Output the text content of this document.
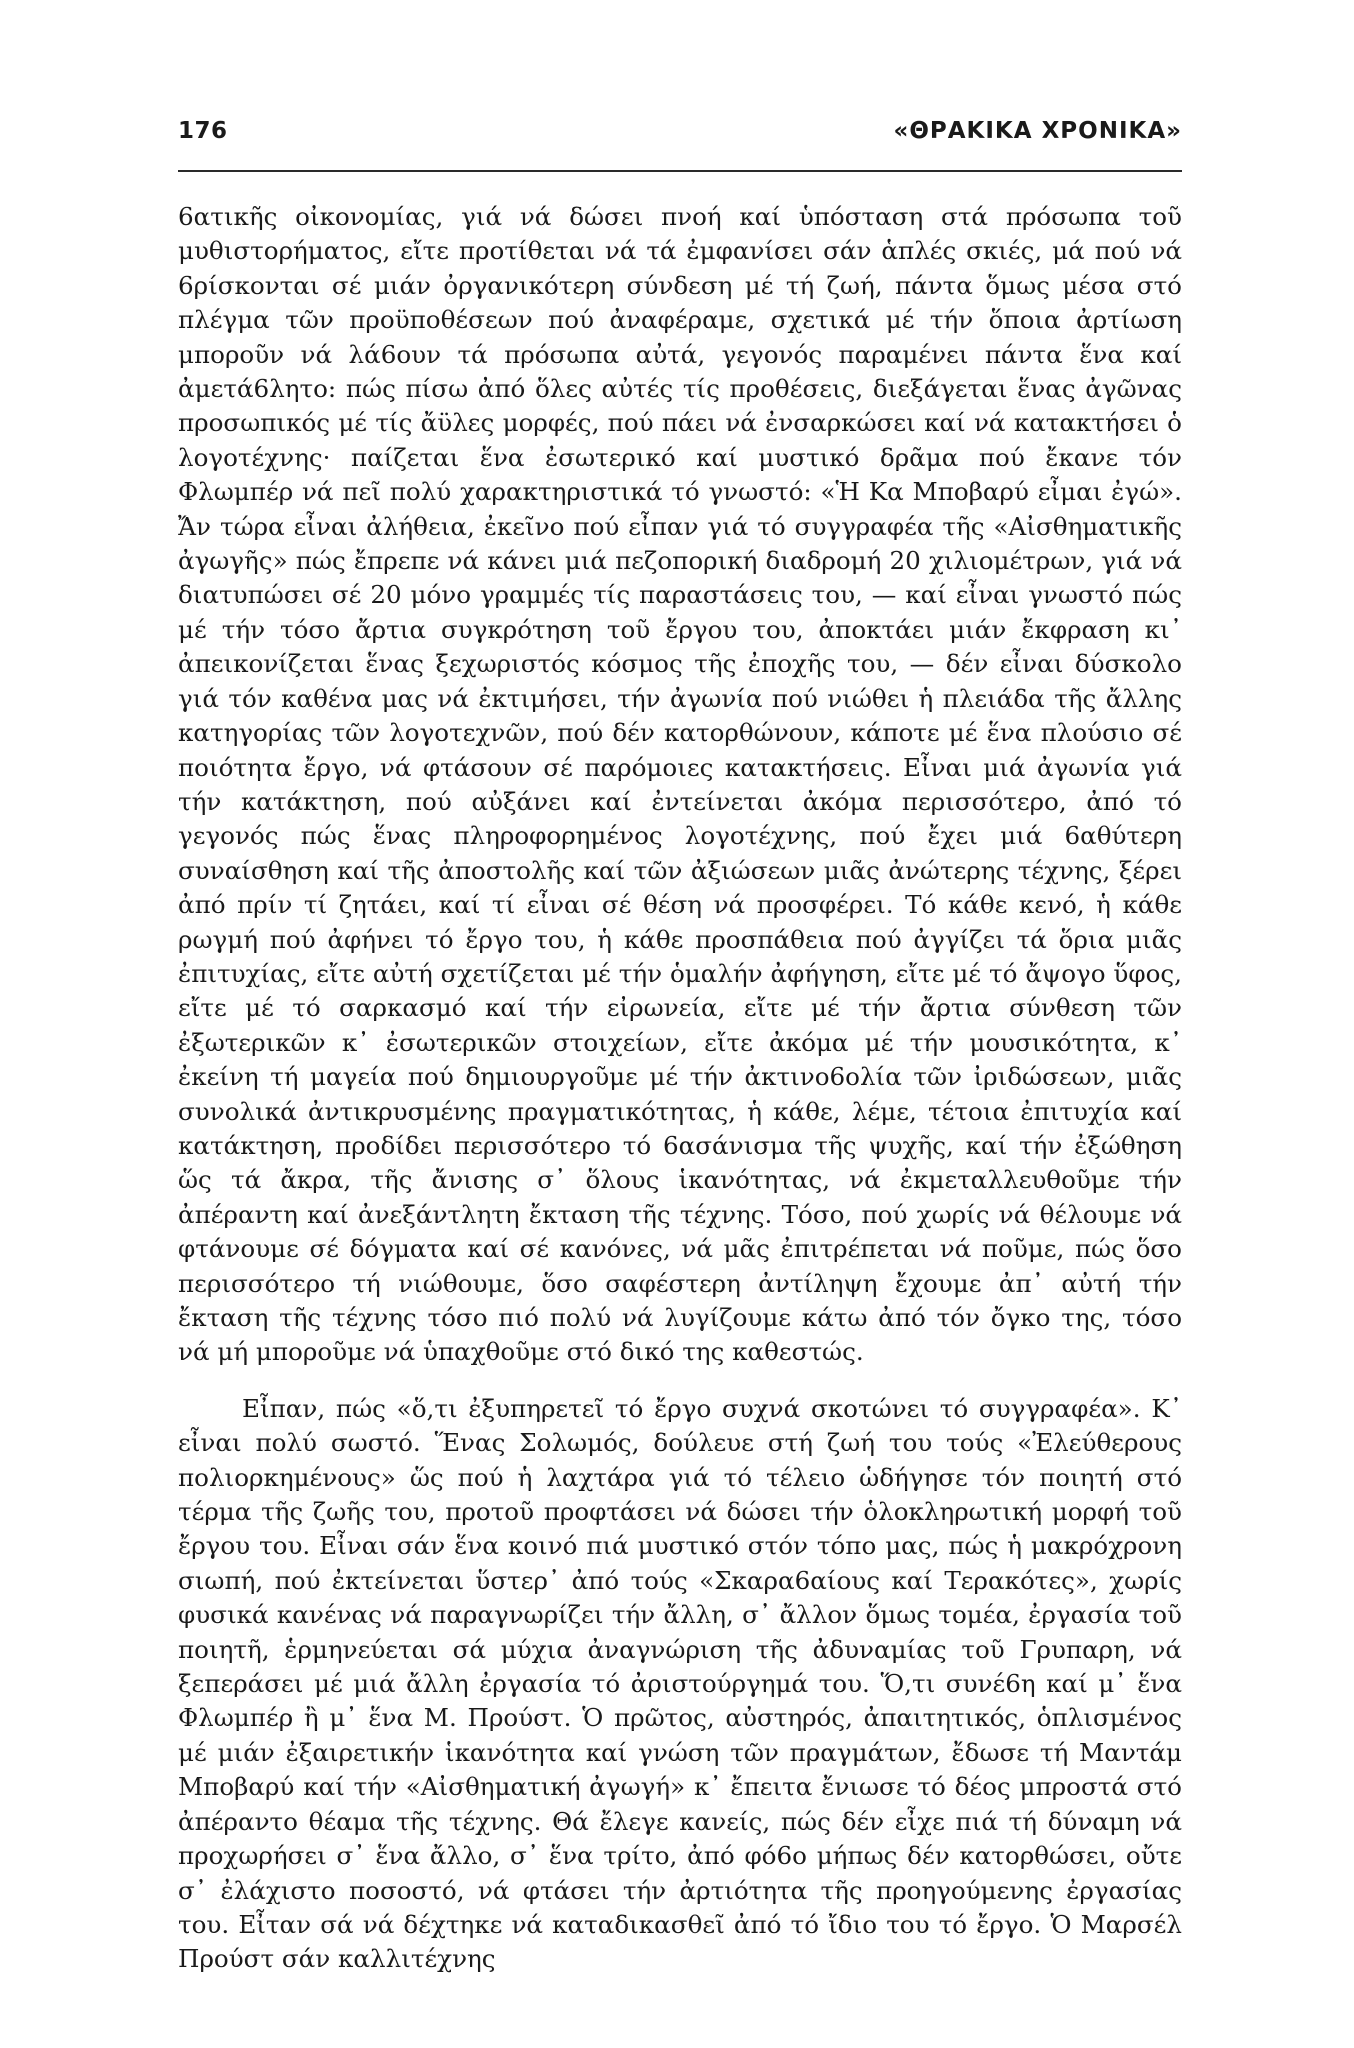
176	«ΘΡΑΚΙΚΑ ΧΡΟΝΙΚΑ»

6ατικῆς οἰκονομίας, γιά νά δώσει πνοή καί ὑπόσταση στά πρόσωπα τοῦ μυθιστορήματος, εἴτε προτίθεται νά τά ἐμφανίσει σάν ἁπλές σκιές, μά πού νά 6ρίσκονται σέ μιάν ὀργανικότερη σύνδεση μέ τή ζωή, πάντα ὅμως μέσα στό πλέγμα τῶν προϋποθέσεων πού ἀναφέραμε, σχετικά μέ τήν ὅποια ἀρτίωση μποροῦν νά λά6ουν τά πρόσωπα αὐτά, γεγονός παραμένει πάντα ἕνα καί ἀμετά6λητο: πώς πίσω ἀπό ὅλες αὐτές τίς προθέσεις, διεξάγεται ἕνας ἀγῶνας προσωπικός μέ τίς ἄϋλες μορφές, πού πάει νά ἐνσαρκώσει καί νά κατακτήσει ὁ λογοτέχνης· παίζεται ἕνα ἐσωτερικό καί μυστικό δρᾶμα πού ἔκανε τόν Φλωμπέρ νά πεῖ πολύ χαρακτηριστικά τό γνωστό: «Ἡ Κα Μποβαρύ εἶμαι ἐγώ». Ἄν τώρα εἶναι ἀλήθεια, ἐκεῖνο πού εἶπαν γιά τό συγγραφέα τῆς «Αἰσθηματικῆς ἀγωγῆς» πώς ἔπρεπε νά κάνει μιά πεζοπορική διαδρομή 20 χιλιομέτρων, γιά νά διατυπώσει σέ 20 μόνο γραμμές τίς παραστάσεις του, — καί εἶναι γνωστό πώς μέ τήν τόσο ἄρτια συγκρότηση τοῦ ἔργου του, ἀποκτάει μιάν ἔκφραση κι᾽ ἀπεικονίζεται ἕνας ξεχωριστός κόσμος τῆς ἐποχῆς του, — δέν εἶναι δύσκολο γιά τόν καθένα μας νά ἐκτιμήσει, τήν ἀγωνία πού νιώθει ἡ πλειάδα τῆς ἄλλης κατηγορίας τῶν λογοτεχνῶν, πού δέν κατορθώνουν, κάποτε μέ ἕνα πλούσιο σέ ποιότητα ἔργο, νά φτάσουν σέ παρόμοιες κατακτήσεις. Εἶναι μιά ἀγωνία γιά τήν κατάκτηση, πού αὐξάνει καί ἐντείνεται ἀκόμα περισσότερο, ἀπό τό γεγονός πώς ἕνας πληροφορημένος λογοτέχνης, πού ἔχει μιά 6αθύτερη συναίσθηση καί τῆς ἀποστολῆς καί τῶν ἀξιώσεων μιᾶς ἀνώτερης τέχνης, ξέρει ἀπό πρίν τί ζητάει, καί τί εἶναι σέ θέση νά προσφέρει. Τό κάθε κενό, ἡ κάθε ρωγμή πού ἀφήνει τό ἔργο του, ἡ κάθε προσπάθεια πού ἀγγίζει τά ὅρια μιᾶς ἐπιτυχίας, εἴτε αὐτή σχετίζεται μέ τήν ὁμαλήν ἀφήγηση, εἴτε μέ τό ἄψογο ὕφος, εἴτε μέ τό σαρκασμό καί τήν εἰρωνεία, εἴτε μέ τήν ἄρτια σύνθεση τῶν ἐξωτερικῶν κ᾽ ἐσωτερικῶν στοιχείων, εἴτε ἀκόμα μέ τήν μουσικότητα, κ᾽ ἐκείνη τή μαγεία πού δημιουργοῦμε μέ τήν ἀκτινο6ολία τῶν ἰριδώσεων, μιᾶς συνολικά ἀντικρυσμένης πραγματικότητας, ἡ κάθε, λέμε, τέτοια ἐπιτυχία καί κατάκτηση, προδίδει περισσότερο τό 6ασάνισμα τῆς ψυχῆς, καί τήν ἐξώθηση ὥς τά ἄκρα, τῆς ἄνισης σ᾽ ὅλους ἱκανότητας, νά ἐκμεταλλευθοῦμε τήν ἀπέραντη καί ἀνεξάντλητη ἔκταση τῆς τέχνης. Τόσο, πού χωρίς νά θέλουμε νά φτάνουμε σέ δόγματα καί σέ κανόνες, νά μᾶς ἐπιτρέπεται νά ποῦμε, πώς ὅσο περισσότερο τή νιώθουμε, ὅσο σαφέστερη ἀντίληψη ἔχουμε ἀπ᾽ αὐτή τήν ἔκταση τῆς τέχνης τόσο πιό πολύ νά λυγίζουμε κάτω ἀπό τόν ὄγκο της, τόσο νά μή μποροῦμε νά ὑπαχθοῦμε στό δικό της καθεστώς.

Εἶπαν, πώς «ὅ,τι ἐξυπηρετεῖ τό ἔργο συχνά σκοτώνει τό συγγραφέα». Κ᾽ εἶναι πολύ σωστό. Ἕνας Σολωμός, δούλευε στή ζωή του τούς «Ἐλεύθερους πολιορκημένους» ὥς πού ἡ λαχτάρα γιά τό τέλειο ὡδήγησε τόν ποιητή στό τέρμα τῆς ζωῆς του, προτοῦ προφτάσει νά δώσει τήν ὁλοκληρωτική μορφή τοῦ ἔργου του. Εἶναι σάν ἕνα κοινό πιά μυστικό στόν τόπο μας, πώς ἡ μακρόχρονη σιωπή, πού ἐκτείνεται ὕστερ᾽ ἀπό τούς «Σκαρα6αίους καί Τερακότες», χωρίς φυσικά κανένας νά παραγνωρίζει τήν ἄλλη, σ᾽ ἄλλον ὅμως τομέα, ἐργασία τοῦ ποιητῆ, ἑρμηνεύεται σά μύχια ἀναγνώριση τῆς ἀδυναμίας τοῦ Γρυπαρη, νά ξεπεράσει μέ μιά ἄλλη ἐργασία τό ἀριστούργημά του. Ὅ,τι συνέ6η καί μ᾽ ἕνα Φλωμπέρ ἢ μ᾽ ἕνα Μ. Προύστ. Ὁ πρῶτος, αὐστηρός, ἀπαιτητικός, ὁπλισμένος μέ μιάν ἐξαιρετικήν ἱκανότητα καί γνώση τῶν πραγμάτων, ἔδωσε τή Μαντάμ Μποβαρύ καί τήν «Αἰσθηματική ἀγωγή» κ᾽ ἔπειτα ἔνιωσε τό δέος μπροστά στό ἀπέραντο θέαμα τῆς τέχνης. Θά ἔλεγε κανείς, πώς δέν εἶχε πιά τή δύναμη νά προχωρήσει σ᾽ ἕνα ἄλλο, σ᾽ ἕνα τρίτο, ἀπό φό6ο μήπως δέν κατορθώσει, οὔτε σ᾽ ἐλάχιστο ποσοστό, νά φτάσει τήν ἀρτιότητα τῆς προηγούμενης ἐργασίας του. Εἶταν σά νά δέχτηκε νά καταδικασθεῖ ἀπό τό ἴδιο του τό ἔργο. Ὁ Μαρσέλ Προύστ σάν καλλιτέχνης
